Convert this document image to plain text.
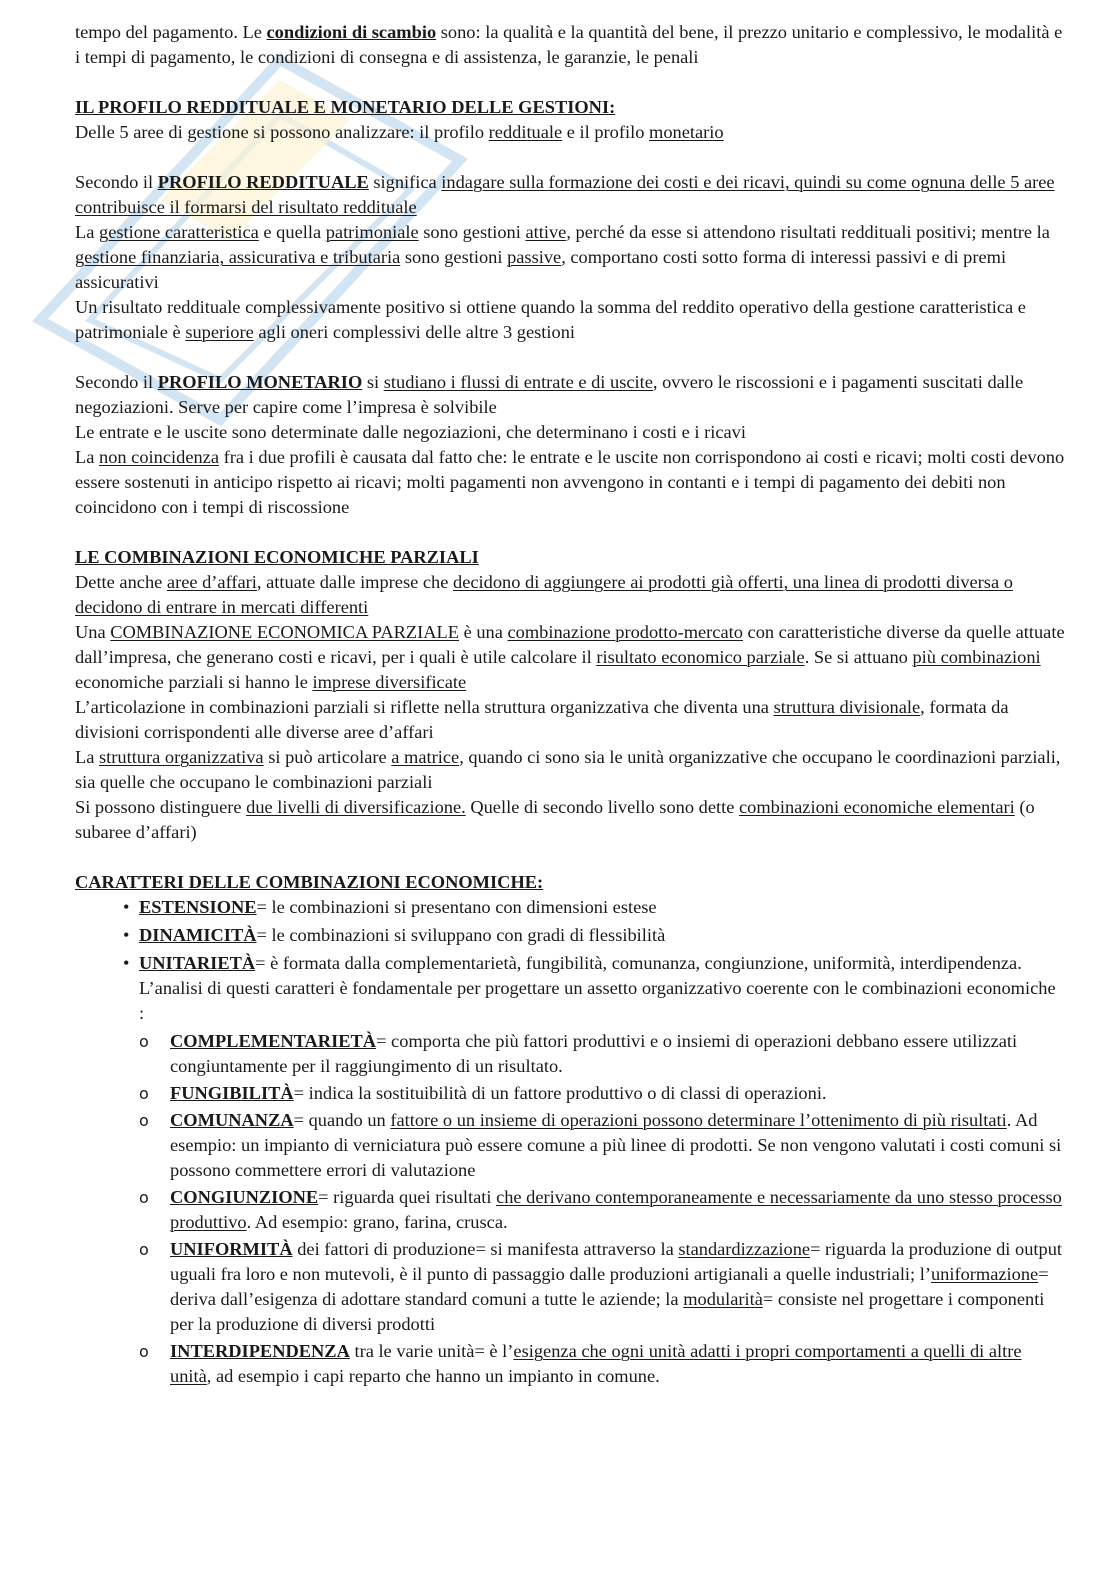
tempo del pagamento. Le condizioni di scambio sono: la qualità e la quantità del bene, il prezzo unitario e complessivo, le modalità e i tempi di pagamento, le condizioni di consegna e di assistenza, le garanzie, le penali

IL PROFILO REDDITUALE E MONETARIO DELLE GESTIONI:

Delle 5 aree di gestione si possono analizzare: il profilo reddituale e il profilo monetario

Secondo il PROFILO REDDITUALE significa indagare sulla formazione dei costi e dei ricavi, quindi su come ognuna delle 5 aree contribuisce il formarsi del risultato reddituale

La gestione caratteristica e quella patrimoniale sono gestioni attive, perché da esse si attendono risultati reddituali positivi; mentre la gestione finanziaria, assicurativa e tributaria sono gestioni passive, comportano costi sotto forma di interessi passivi e di premi assicurativi

Un risultato reddituale complessivamente positivo si ottiene quando la somma del reddito operativo della gestione caratteristica e patrimoniale è superiore agli oneri complessivi delle altre 3 gestioni

Secondo il PROFILO MONETARIO si studiano i flussi di entrate e di uscite, ovvero le riscossioni e i pagamenti suscitati dalle negoziazioni. Serve per capire come l’impresa è solvibile

Le entrate e le uscite sono determinate dalle negoziazioni, che determinano i costi e i ricavi

La non coincidenza fra i due profili è causata dal fatto che: le entrate e le uscite non corrispondono ai costi e ricavi; molti costi devono essere sostenuti in anticipo rispetto ai ricavi; molti pagamenti non avvengono in contanti e i tempi di pagamento dei debiti non coincidono con i tempi di riscossione

LE COMBINAZIONI ECONOMICHE PARZIALI

Dette anche aree d’affari, attuate dalle imprese che decidono di aggiungere ai prodotti già offerti, una linea di prodotti diversa o decidono di entrare in mercati differenti

Una COMBINAZIONE ECONOMICA PARZIALE è una combinazione prodotto-mercato con caratteristiche diverse da quelle attuate dall’impresa, che generano costi e ricavi, per i quali è utile calcolare il risultato economico parziale. Se si attuano più combinazioni economiche parziali si hanno le imprese diversificate

L’articolazione in combinazioni parziali si riflette nella struttura organizzativa che diventa una struttura divisionale, formata da divisioni corrispondenti alle diverse aree d’affari

La struttura organizzativa si può articolare a matrice, quando ci sono sia le unità organizzative che occupano le coordinazioni parziali, sia quelle che occupano le combinazioni parziali

Si possono distinguere due livelli di diversificazione. Quelle di secondo livello sono dette combinazioni economiche elementari (o subaree d’affari)

CARATTERI DELLE COMBINAZIONI ECONOMICHE:
• ESTENSIONE= le combinazioni si presentano con dimensioni estese
• DINAMICITÀ= le combinazioni si sviluppano con gradi di flessibilità
• UNITARIETÀ= è formata dalla complementarietà, fungibilità, comunanza, congiunzione, uniformità, interdipendenza. L’analisi di questi caratteri è fondamentale per progettare un assetto organizzativo coerente con le combinazioni economiche :
o COMPLEMENTARIETÀ= comporta che più fattori produttivi e o insiemi di operazioni debbano essere utilizzati congiuntamente per il raggiungimento di un risultato.
o FUNGIBILITÀ= indica la sostituibilità di un fattore produttivo o di classi di operazioni.
o COMUNANZA= quando un fattore o un insieme di operazioni possono determinare l’ottenimento di più risultati. Ad esempio: un impianto di verniciatura può essere comune a più linee di prodotti. Se non vengono valutati i costi comuni si possono commettere errori di valutazione
o CONGIUNZIONE= riguarda quei risultati che derivano contemporaneamente e necessariamente da uno stesso processo produttivo. Ad esempio: grano, farina, crusca.
o UNIFORMITÀ dei fattori di produzione= si manifesta attraverso la standardizzazione= riguarda la produzione di output uguali fra loro e non mutevoli, è il punto di passaggio dalle produzioni artigianali a quelle industriali; l’uniformazione= deriva dall’esigenza di adottare standard comuni a tutte le aziende; la modularità= consiste nel progettare i componenti per la produzione di diversi prodotti
o INTERDIPENDENZA tra le varie unità= è l’esigenza che ogni unità adatti i propri comportamenti a quelli di altre unità, ad esempio i capi reparto che hanno un impianto in comune.
